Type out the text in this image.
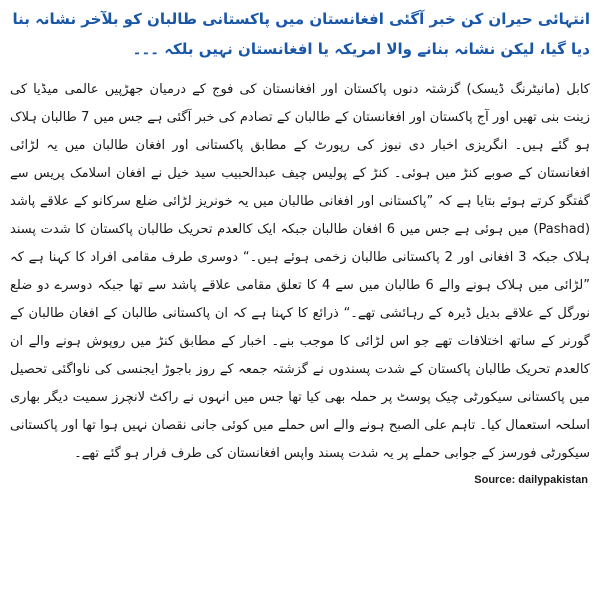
انتہائی حیران کن خبر آگئی افغانستان میں پاکستانی طالبان کو بلآخر نشانہ بنا دیا گیا، لیکن نشانہ بنانے والا امریکہ یا افغانستان نہیں بلکہ ۔۔۔

کابل (مانیٹرنگ ڈیسک) گزشتہ دنوں پاکستان اور افغانستان کی فوج کے درمیان جھڑپیں عالمی میڈیا کی زینت بنی تھیں اور آج پاکستان اور افغانستان کے طالبان کے تصادم کی خبر آگئی ہے جس میں 7 طالبان ہلاک ہو گئے ہیں۔ انگریزی اخبار دی نیوز کی رپورٹ کے مطابق پاکستانی اور افغان طالبان میں یہ لڑائی افغانستان کے صوبے کنڑ میں ہوئی۔ کنڑ کے پولیس چیف عبدالحبیب سید خیل نے افغان اسلامک پریس سے گفتگو کرتے ہوئے بتایا ہے کہ ”پاکستانی اور افغانی طالبان میں یہ خونریز لڑائی ضلع سرکانو کے علاقے پاشد (Pashad) میں ہوئی ہے جس میں 6 افغان طالبان جبکہ ایک کالعدم تحریک طالبان پاکستان کا شدت پسند ہلاک جبکہ 3 افغانی اور 2 پاکستانی طالبان زخمی ہوئے ہیں۔“ دوسری طرف مقامی افراد کا کہنا ہے کہ ”لڑائی میں ہلاک ہونے والے 6 طالبان میں سے 4 کا تعلق مقامی علاقے پاشد سے تھا جبکہ دوسرے دو ضلع نورگل کے علاقے بدیل ڈیرہ کے رہائشی تھے۔“ ذرائع کا کہنا ہے کہ ان پاکستانی طالبان کے افغان طالبان کے گورنر کے ساتھ اختلافات تھے جو اس لڑائی کا موجب بنے۔ اخبار کے مطابق کنڑ میں روپوش ہونے والے ان کالعدم تحریک طالبان پاکستان کے شدت پسندوں نے گزشتہ جمعہ کے روز باجوڑ ایجنسی کی ناواگئی تحصیل میں پاکستانی سیکورٹی چیک پوسٹ پر حملہ بھی کیا تھا جس میں انہوں نے راکٹ لانچرز سمیت دیگر بھاری اسلحہ استعمال کیا۔ تاہم علی الصبح ہونے والے اس حملے میں کوئی جانی نقصان نہیں ہوا تھا اور پاکستانی سیکورٹی فورسز کے جوابی حملے پر یہ شدت پسند واپس افغانستان کی طرف فرار ہو گئے تھے۔

Source: dailypakistan
